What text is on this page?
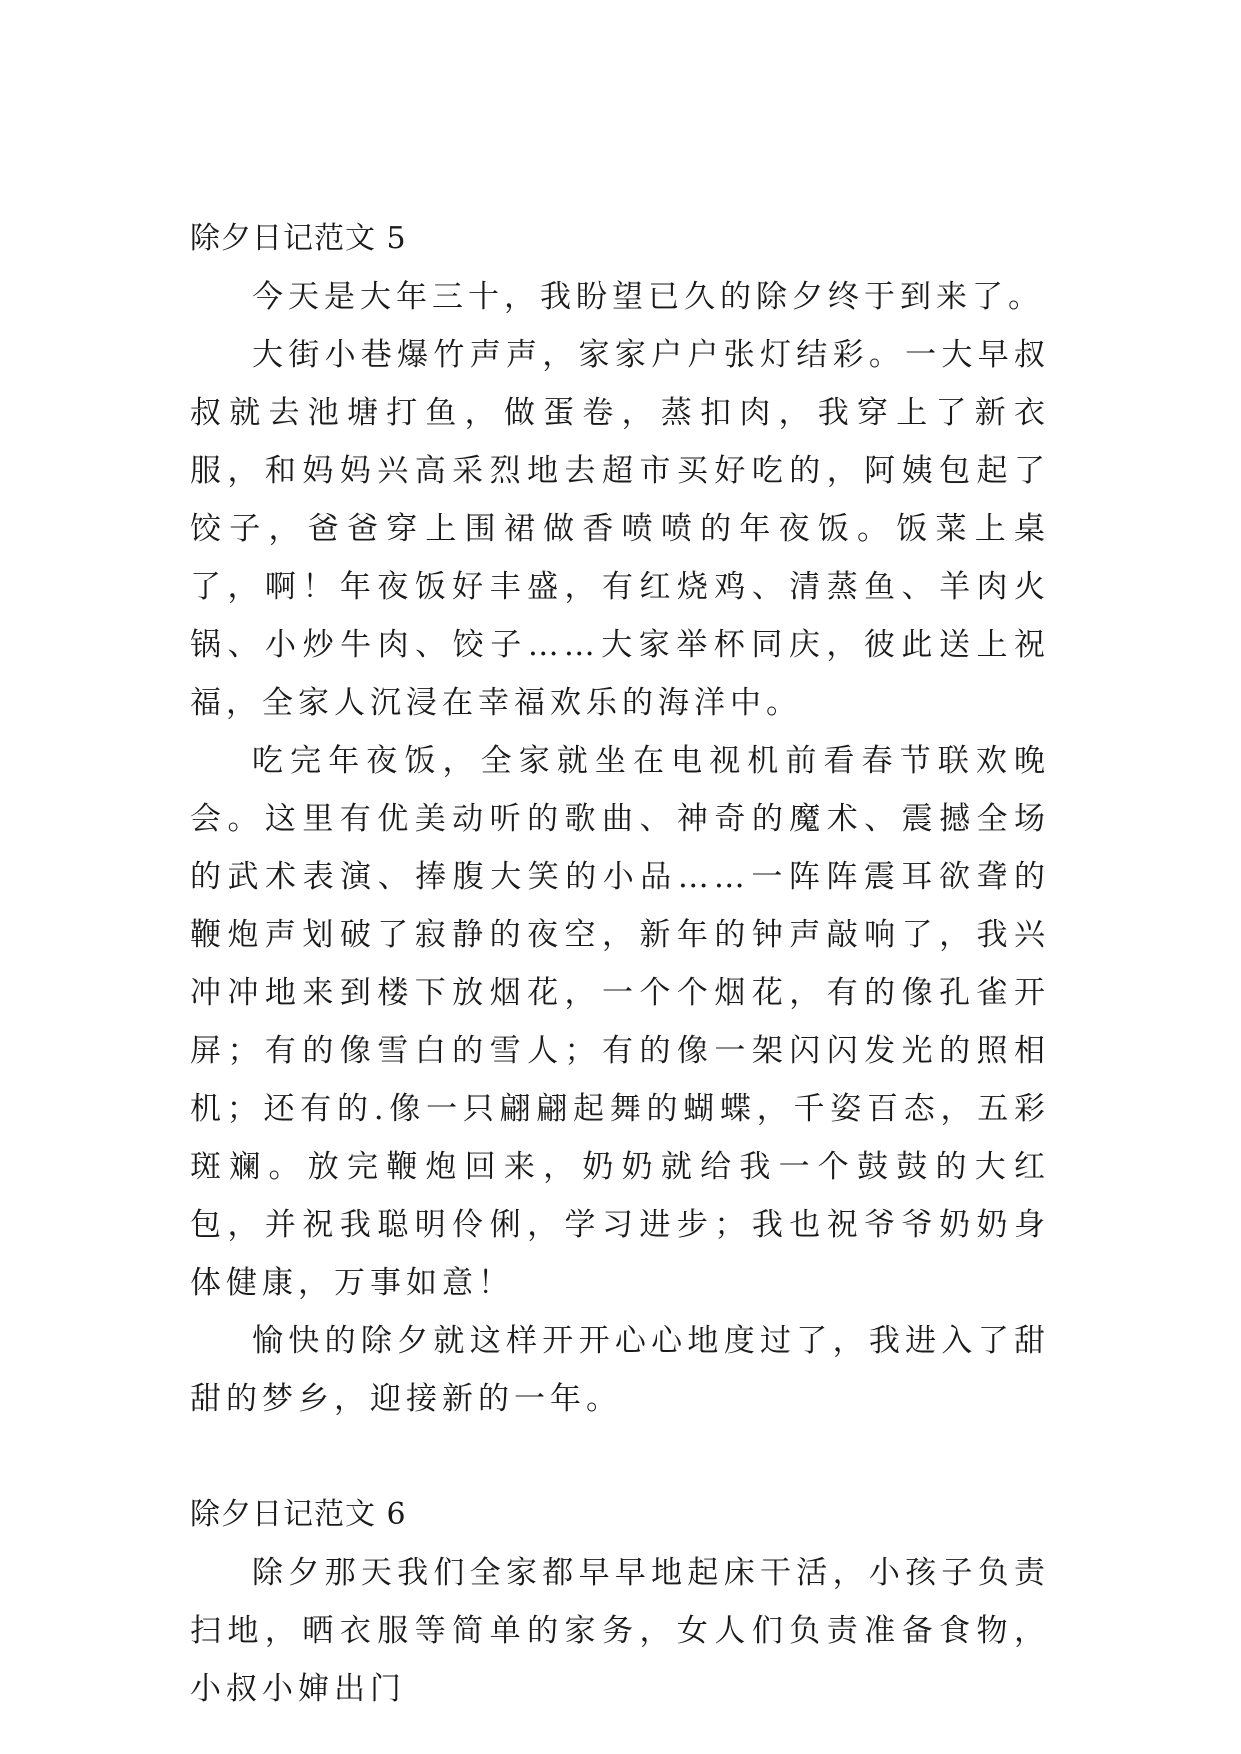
除夕日记范文 5

今天是大年三十，我盼望已久的除夕终于到来了。

大街小巷爆竹声声，家家户户张灯结彩。一大早叔叔就去池塘打鱼，做蛋卷，蒸扣肉，我穿上了新衣服，和妈妈兴高采烈地去超市买好吃的，阿姨包起了饺子，爸爸穿上围裙做香喷喷的年夜饭。饭菜上桌了，啊！年夜饭好丰盛，有红烧鸡、清蒸鱼、羊肉火锅、小炒牛肉、饺子……大家举杯同庆，彼此送上祝福，全家人沉浸在幸福欢乐的海洋中。

吃完年夜饭，全家就坐在电视机前看春节联欢晚会。这里有优美动听的歌曲、神奇的魔术、震撼全场的武术表演、捧腹大笑的小品……一阵阵震耳欲聋的鞭炮声划破了寂静的夜空，新年的钟声敲响了，我兴冲冲地来到楼下放烟花，一个个烟花，有的像孔雀开屏；有的像雪白的雪人；有的像一架闪闪发光的照相机；还有的.像一只翩翩起舞的蝴蝶，千姿百态，五彩斑斓。放完鞭炮回来，奶奶就给我一个鼓鼓的大红包，并祝我聪明伶俐，学习进步；我也祝爷爷奶奶身体健康，万事如意！

愉快的除夕就这样开开心心地度过了，我进入了甜甜的梦乡，迎接新的一年。

除夕日记范文 6

除夕那天我们全家都早早地起床干活，小孩子负责扫地，晒衣服等简单的家务，女人们负责准备食物，小叔小婶出门
